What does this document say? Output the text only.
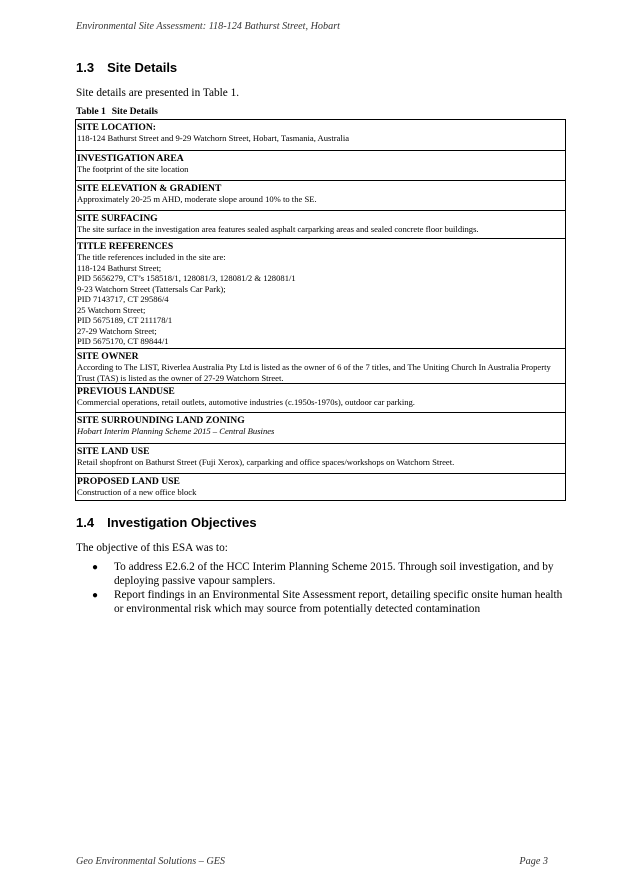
Environmental Site Assessment: 118-124 Bathurst Street, Hobart
1.3 Site Details
Site details are presented in Table 1.
Table 1 Site Details
SITE LOCATION:
118-124 Bathurst Street and 9-29 Watchorn Street, Hobart, Tasmania, Australia
INVESTIGATION AREA
The footprint of the site location
SITE ELEVATION & GRADIENT
Approximately 20-25 m AHD, moderate slope around 10% to the SE.
SITE SURFACING
The site surface in the investigation area features sealed asphalt carparking areas and sealed concrete floor buildings.
TITLE REFERENCES
The title references included in the site are:
118-124 Bathurst Street;
PID 5656279, CT’s 158518/1, 128081/3, 128081/2 & 128081/1
9-23 Watchorn Street (Tattersals Car Park);
PID 7143717, CT 29586/4
25 Watchorn Street;
PID 5675189, CT 211178/1
27-29 Watchorn Street;
PID 5675170, CT 89844/1
SITE OWNER
According to The LIST, Riverlea Australia Pty Ltd is listed as the owner of 6 of the 7 titles, and The Uniting Church In Australia Property Trust (TAS) is listed as the owner of 27-29 Watchorn Street.
PREVIOUS LANDUSE
Commercial operations, retail outlets, automotive industries (c.1950s-1970s), outdoor car parking.
SITE SURROUNDING LAND ZONING
Hobart Interim Planning Scheme 2015 – Central Busines
SITE LAND USE
Retail shopfront on Bathurst Street (Fuji Xerox), carparking and office spaces/workshops on Watchorn Street.
PROPOSED LAND USE
Construction of a new office block
1.4 Investigation Objectives
The objective of this ESA was to:
●	To address E2.6.2 of the HCC Interim Planning Scheme 2015. Through soil investigation, and by deploying passive vapour samplers.
●	Report findings in an Environmental Site Assessment report, detailing specific onsite human health or environmental risk which may source from potentially detected contamination
Geo Environmental Solutions – GES	Page 3
